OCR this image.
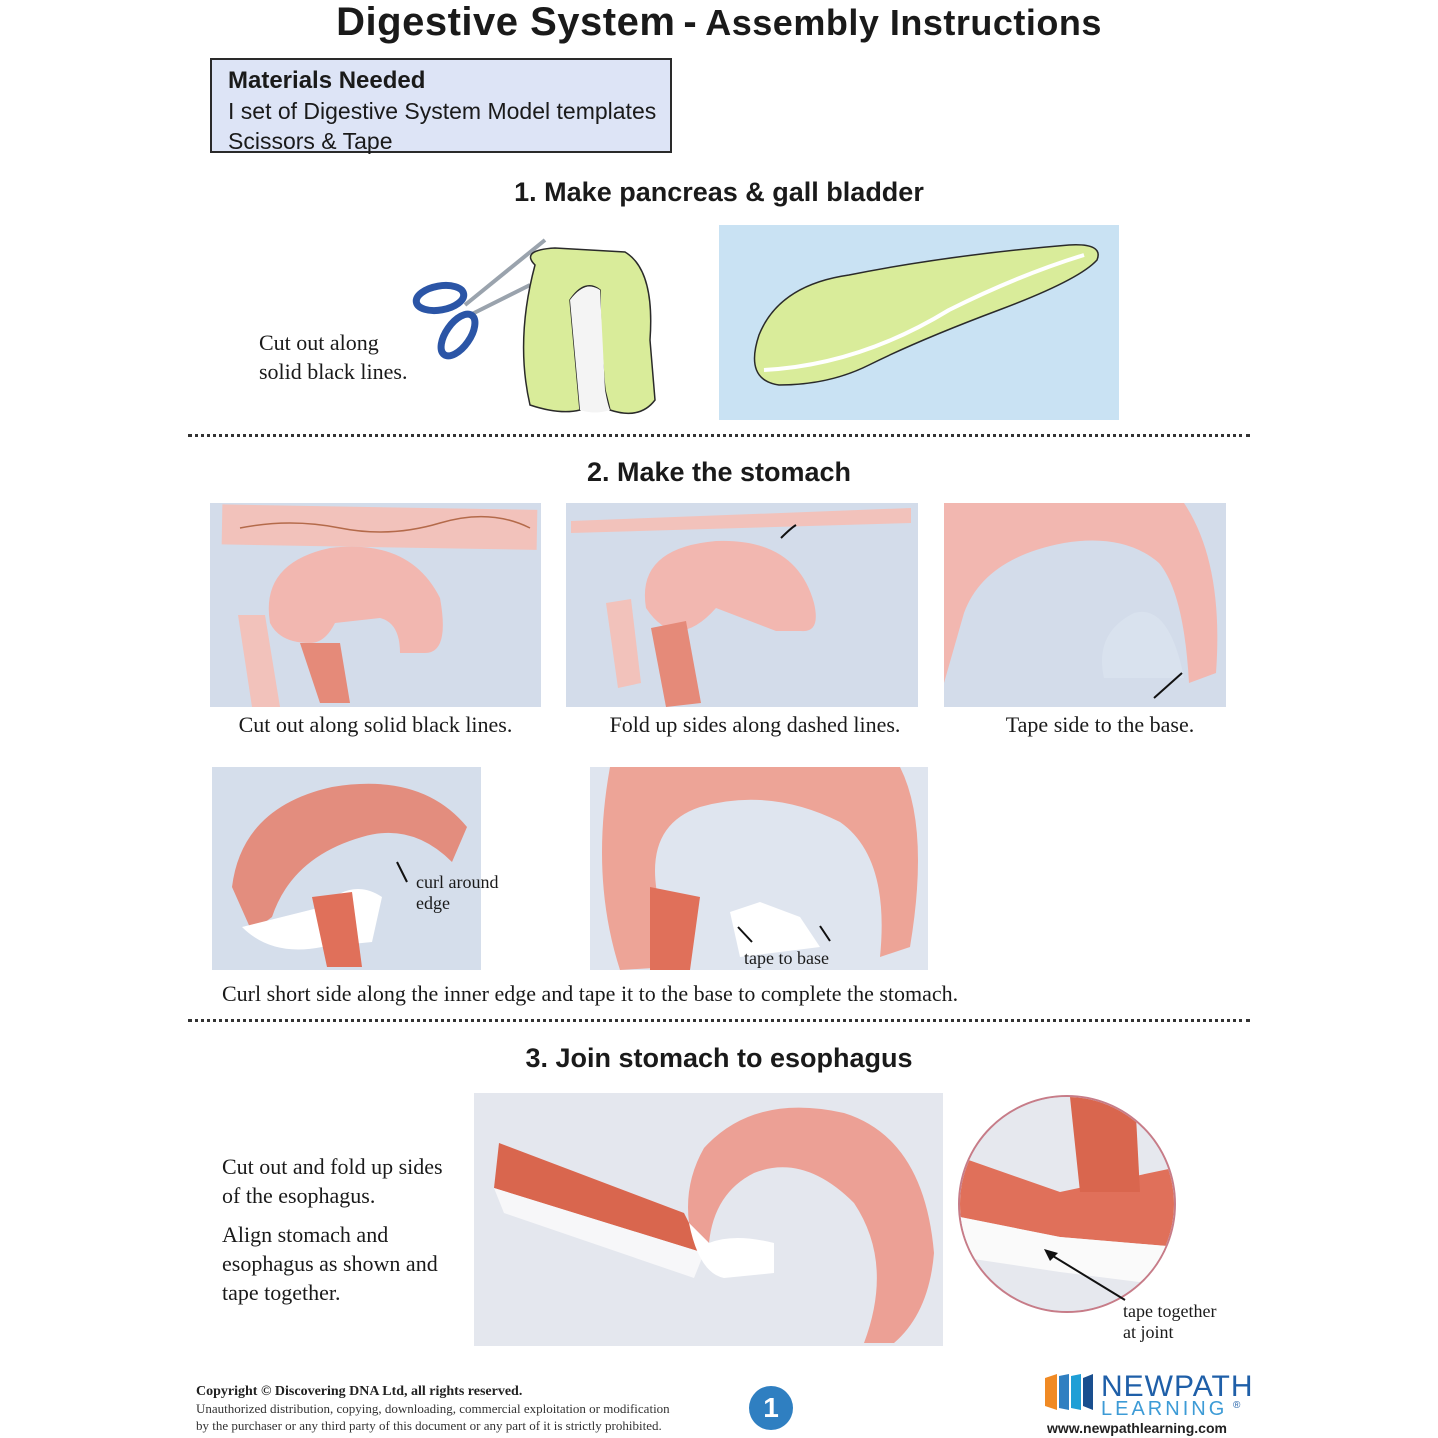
Digestive System - Assembly Instructions
Materials Needed
I set of Digestive System Model templates
Scissors & Tape
1. Make pancreas & gall bladder
Cut out along
solid black lines.
2. Make the stomach
Cut out along solid black lines.	Fold up sides along dashed lines.	Tape side to the base.
curl around
edge
tape to base
Curl short side along the inner edge and tape it to the base to complete the stomach.
3. Join stomach to esophagus
Cut out and fold up sides
of the esophagus.
Align stomach and
esophagus as shown and
tape together.
tape together
at joint
Copyright © Discovering DNA Ltd, all rights reserved.
Unauthorized distribution, copying, downloading, commercial exploitation or modification
by the purchaser or any third party of this document or any part of it is strictly prohibited.
1
NEWPATH
LEARNING ®
www.newpathlearning.com
